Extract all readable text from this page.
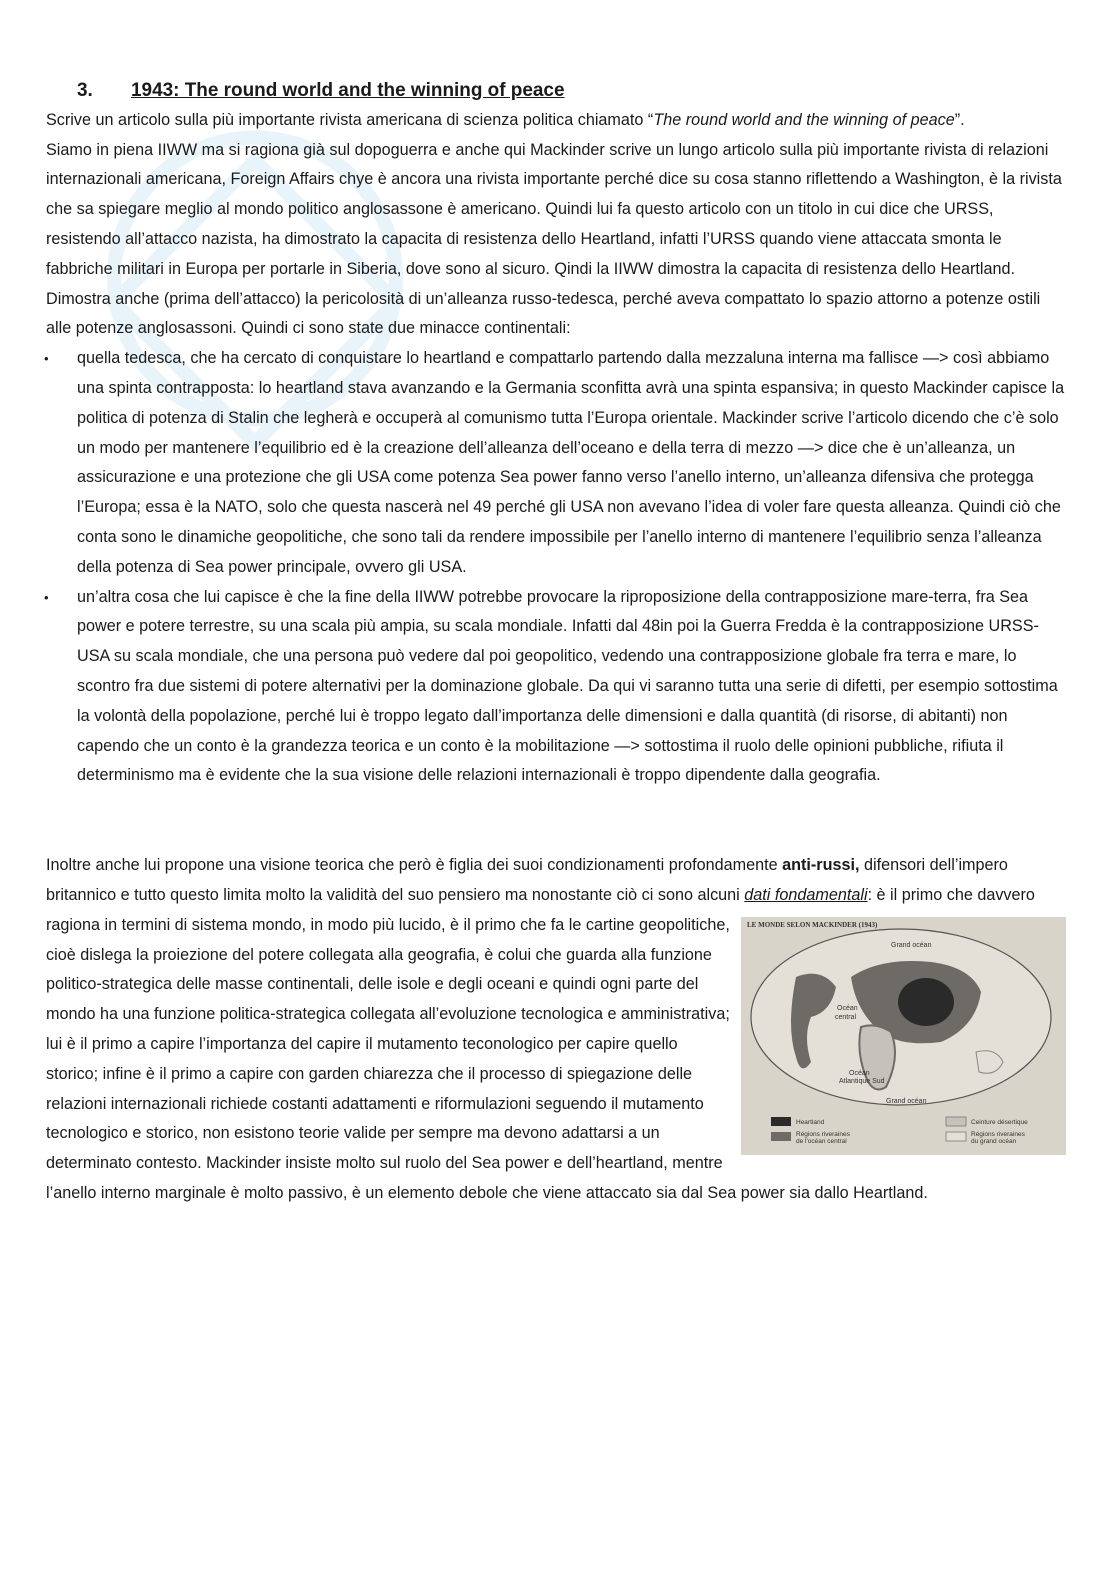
3. 1943: The round world and the winning of peace

Scrive un articolo sulla più importante rivista americana di scienza politica chiamato “The round world and the winning of peace”.

Siamo in piena IIWW ma si ragiona già sul dopoguerra e anche qui Mackinder scrive un lungo articolo sulla più importante rivista di relazioni internazionali americana, Foreign Affairs chye è ancora una rivista importante perché dice su cosa stanno riflettendo a Washington, è la rivista che sa spiegare meglio al mondo politico anglosassone è americano. Quindi lui fa questo articolo con un titolo in cui dice che URSS, resistendo all’attacco nazista, ha dimostrato la capacita di resistenza dello Heartland, infatti l’URSS quando viene attaccata smonta le fabbriche militari in Europa per portarle in Siberia, dove sono al sicuro. Qindi la IIWW dimostra la capacita di resistenza dello Heartland. Dimostra anche (prima dell’attacco) la pericolosità di un’alleanza russo-tedesca, perché aveva compattato lo spazio attorno a potenze ostili alle potenze anglosassoni. Quindi ci sono state due minacce continentali:

• quella tedesca, che ha cercato di conquistare lo heartland e compattarlo partendo dalla mezzaluna interna ma fallisce —> così abbiamo una spinta contrapposta: lo heartland stava avanzando e la Germania sconfitta avrà una spinta espansiva; in questo Mackinder capisce la politica di potenza di Stalin che legherà e occuperà al comunismo tutta l’Europa orientale. Mackinder scrive l’articolo dicendo che c’è solo un modo per mantenere l’equilibrio ed è la creazione dell’alleanza dell’oceano e della terra di mezzo —> dice che è un’alleanza, un assicurazione e una protezione che gli USA come potenza Sea power fanno verso l’anello interno, un’alleanza difensiva che protegga l’Europa; essa è la NATO, solo che questa nascerà nel 49 perché gli USA non avevano l’idea di voler fare questa alleanza. Quindi ciò che conta sono le dinamiche geopolitiche, che sono tali da rendere impossibile per l’anello interno di mantenere l’equilibrio senza l’alleanza della potenza di Sea power principale, ovvero gli USA.
• un’altra cosa che lui capisce è che la fine della IIWW potrebbe provocare la riproposizione della contrapposizione mare-terra, fra Sea power e potere terrestre, su una scala più ampia, su scala mondiale. Infatti dal 48in poi la Guerra Fredda è la contrapposizione URSS-USA su scala mondiale, che una persona può vedere dal poi geopolitico, vedendo una contrapposizione globale fra terra e mare, lo scontro fra due sistemi di potere alternativi per la dominazione globale. Da qui vi saranno tutta una serie di difetti, per esempio sottostima la volontà della popolazione, perché lui è troppo legato dall’importanza delle dimensioni e dalla quantità (di risorse, di abitanti) non capendo che un conto è la grandezza teorica e un conto è la mobilitazione —> sottostima il ruolo delle opinioni pubbliche, rifiuta il determinismo ma è evidente che la sua visione delle relazioni internazionali è troppo dipendente dalla geografia.

Inoltre anche lui propone una visione teorica che però è figlia dei suoi condizionamenti profondamente anti-russi, difensori dell’impero britannico e tutto questo limita molto la validità del suo pensiero ma nonostante ciò ci sono alcuni dati fondamentali: è il primo che davvero ragiona in termini di sistema mondo, in modo più lucido, è il primo che fa le cartine	LE MONDE SELON MACKINDER (1943)
Grand océan
Océan
central
Océan
Atlantique Sud
Grand océan
Heartland
Régions riveraines
de l'océan central
Ceinture désertique
Régions riveraines
du grand océan
geopolitiche, cioè dislega la proiezione del potere collegata alla geografia, è colui che guarda alla funzione politico-strategica delle masse continentali, delle isole e degli oceani e quindi ogni parte del mondo ha una funzione politica-strategica collegata all’evoluzione tecnologica e amministrativa; lui è il primo a capire l’importanza del capire il mutamento teconologico per capire quello storico; infine è il primo a capire con garden chiarezza che il processo di spiegazione delle relazioni internazionali richiede costanti adattamenti e riformulazioni seguendo il mutamento tecnologico e storico, non esistono teorie valide per sempre ma devono adattarsi a un determinato contesto. Mackinder insiste molto sul ruolo del Sea power e dell’heartland, mentre l’anello interno marginale è molto passivo, è un elemento debole che viene attaccato sia dal Sea power sia dallo Heartland.
